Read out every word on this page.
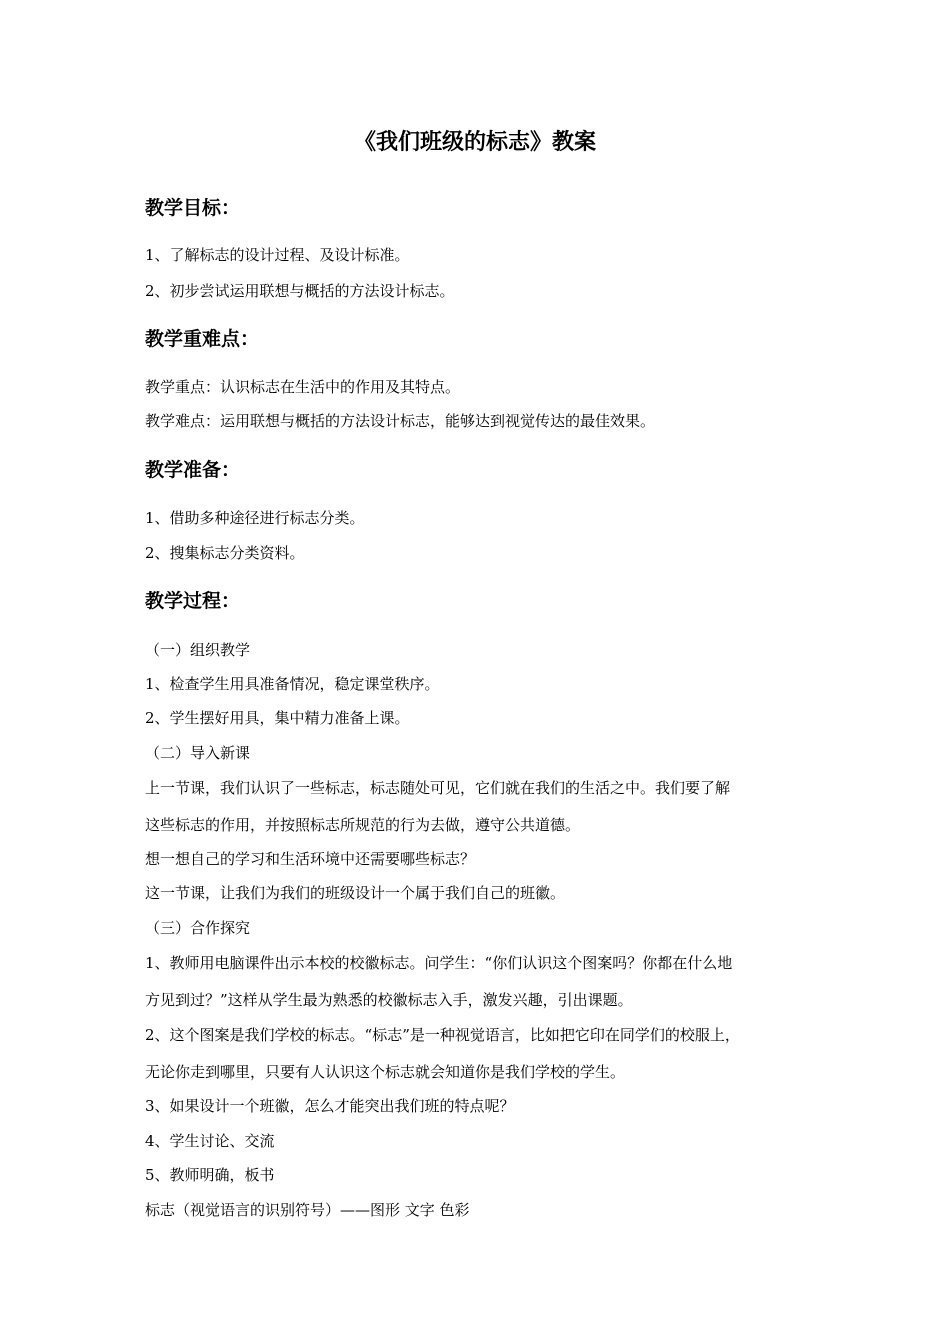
《我们班级的标志》教案
教学目标：
1、了解标志的设计过程、及设计标准。
2、初步尝试运用联想与概括的方法设计标志。
教学重难点：
教学重点：认识标志在生活中的作用及其特点。
教学难点：运用联想与概括的方法设计标志，能够达到视觉传达的最佳效果。
教学准备：
1、借助多种途径进行标志分类。
2、搜集标志分类资料。
教学过程：
（一）组织教学
1、检查学生用具准备情况，稳定课堂秩序。
2、学生摆好用具，集中精力准备上课。
（二）导入新课
上一节课，我们认识了一些标志，标志随处可见，它们就在我们的生活之中。我们要了解
这些标志的作用，并按照标志所规范的行为去做，遵守公共道德。
想一想自己的学习和生活环境中还需要哪些标志？
这一节课，让我们为我们的班级设计一个属于我们自己的班徽。
（三）合作探究
1、教师用电脑课件出示本校的校徽标志。问学生：“你们认识这个图案吗？你都在什么地
方见到过？”这样从学生最为熟悉的校徽标志入手，激发兴趣，引出课题。
2、这个图案是我们学校的标志。“标志”是一种视觉语言，比如把它印在同学们的校服上，
无论你走到哪里，只要有人认识这个标志就会知道你是我们学校的学生。
3、如果设计一个班徽，怎么才能突出我们班的特点呢？
4、学生讨论、交流
5、教师明确，板书
标志（视觉语言的识别符号）——图形 文字 色彩
